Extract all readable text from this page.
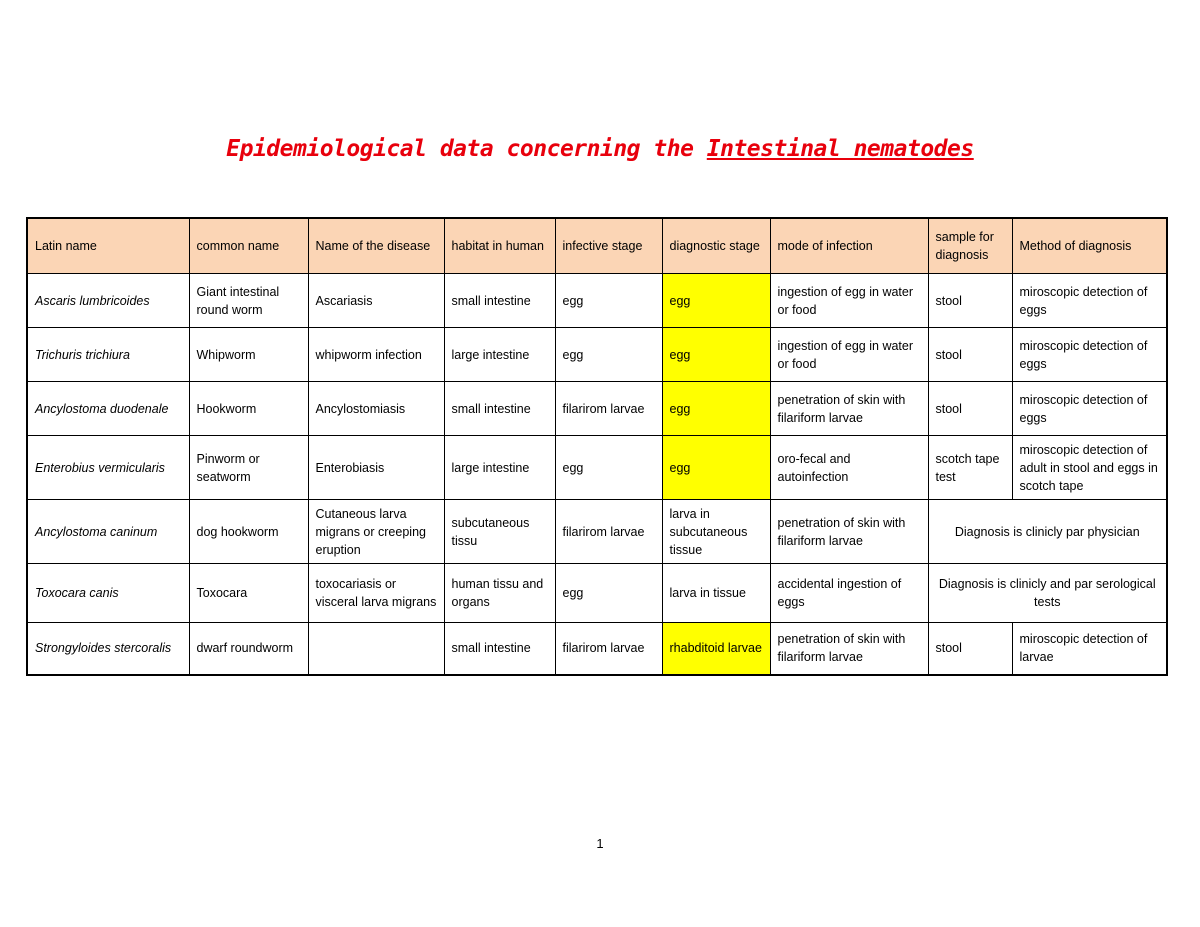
Epidemiological data concerning the Intestinal nematodes
Latin name	common name	Name of the disease	habitat in human	infective stage	diagnostic stage	mode of infection	sample for diagnosis	Method of diagnosis
Ascaris lumbricoides	Giant intestinal round worm	Ascariasis	small intestine	egg	egg	ingestion of egg in water or food	stool	miroscopic detection of eggs
Trichuris trichiura	Whipworm	whipworm infection	large intestine	egg	egg	ingestion of egg in water or food	stool	miroscopic detection of eggs
Ancylostoma duodenale	Hookworm	Ancylostomiasis	small intestine	filarirom larvae	egg	penetration of skin with filariform larvae	stool	miroscopic detection of eggs
Enterobius vermicularis	Pinworm or seatworm	Enterobiasis	large intestine	egg	egg	oro-fecal and autoinfection	scotch tape test	miroscopic detection of adult in stool and eggs in scotch tape
Ancylostoma caninum	dog hookworm	Cutaneous larva migrans or creeping eruption	subcutaneous tissu	filarirom larvae	larva in subcutaneous tissue	penetration of skin with filariform larvae	Diagnosis is clinicly par physician	
Toxocara canis	Toxocara	toxocariasis or visceral larva migrans	human tissu and organs	egg	larva in tissue	accidental ingestion of eggs	Diagnosis is clinicly and par serological tests	
Strongyloides stercoralis	dwarf roundworm		small intestine	filarirom larvae	rhabditoid larvae	penetration of skin with filariform larvae	stool	miroscopic detection of larvae
1
